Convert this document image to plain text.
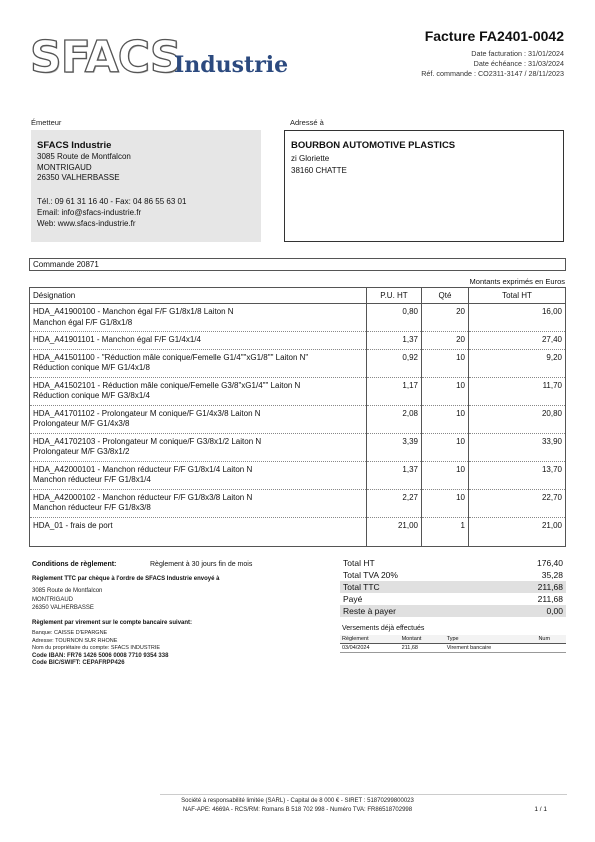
SFACS
Industrie
Facture FA2401-0042
Date facturation : 31/01/2024
Date échéance : 31/03/2024
Réf. commande : CO2311-3147 / 28/11/2023
Émetteur	Adressé à
SFACS Industrie
3085 Route de Montfalcon
MONTRIGAUD
26350 VALHERBASSE
Tél.: 09 61 31 16 40 - Fax: 04 86 55 63 01
Email: info@sfacs-industrie.fr
Web: www.sfacs-industrie.fr
BOURBON AUTOMOTIVE PLASTICS
zi Gloriette
38160 CHATTE
Commande 20871
Montants exprimés en Euros
Désignation	P.U. HT	Qté	Total HT

HDA_A41900100 - Manchon égal F/F G1/8x1/8 Laiton N
Manchon égal F/F G1/8x1/8	0,80	20	16,00

HDA_A41901101 - Manchon égal F/F G1/4x1/4	1,37	20	27,40

HDA_A41501100 - "Réduction mâle conique/Femelle G1/4""xG1/8"" Laiton N"
Réduction conique M/F G1/4x1/8	0,92	10	9,20

HDA_A41502101 - Réduction mâle conique/Femelle G3/8"xG1/4"" Laiton N
Réduction conique M/F G3/8x1/4	1,17	10	11,70

HDA_A41701102 - Prolongateur M conique/F G1/4x3/8 Laiton N
Prolongateur M/F G1/4x3/8	2,08	10	20,80

HDA_A41702103 - Prolongateur M conique/F G3/8x1/2 Laiton N
Prolongateur M/F G3/8x1/2	3,39	10	33,90

HDA_A42000101 - Manchon réducteur F/F G1/8x1/4 Laiton N
Manchon réducteur F/F G1/8x1/4	1,37	10	13,70

HDA_A42000102 - Manchon réducteur F/F G1/8x3/8 Laiton N
Manchon réducteur F/F G1/8x3/8	2,27	10	22,70

HDA_01 - frais de port	21,00	1	21,00
Conditions de règlement:	Règlement à 30 jours fin de mois
Règlement TTC par chèque à l'ordre de SFACS Industrie envoyé à
3085 Route de Montfalcon
MONTRIGAUD
26350 VALHERBASSE
Règlement par virement sur le compte bancaire suivant:
Banque: CAISSE D'EPARGNE
Adresse: TOURNON SUR RHONE
Nom du propriétaire du compte: SFACS INDUSTRIE
Code IBAN: FR76 1426 5006 0008 7710 9354 338
Code BIC/SWIFT: CEPAFRPP426
Total HT	176,40
Total TVA 20%	35,28
Total TTC	211,68
Payé	211,68
Reste à payer	0,00
Versements déjà effectués
Règlement	Montant	Type	Num
03/04/2024	211,68	Virement bancaire	
Société à responsabilité limitée (SARL) - Capital de 8 000 € - SIRET : 51870299800023
NAF-APE: 4669A - RCS/RM: Romans B 518 702 998 - Numéro TVA: FR86518702998	1 / 1
